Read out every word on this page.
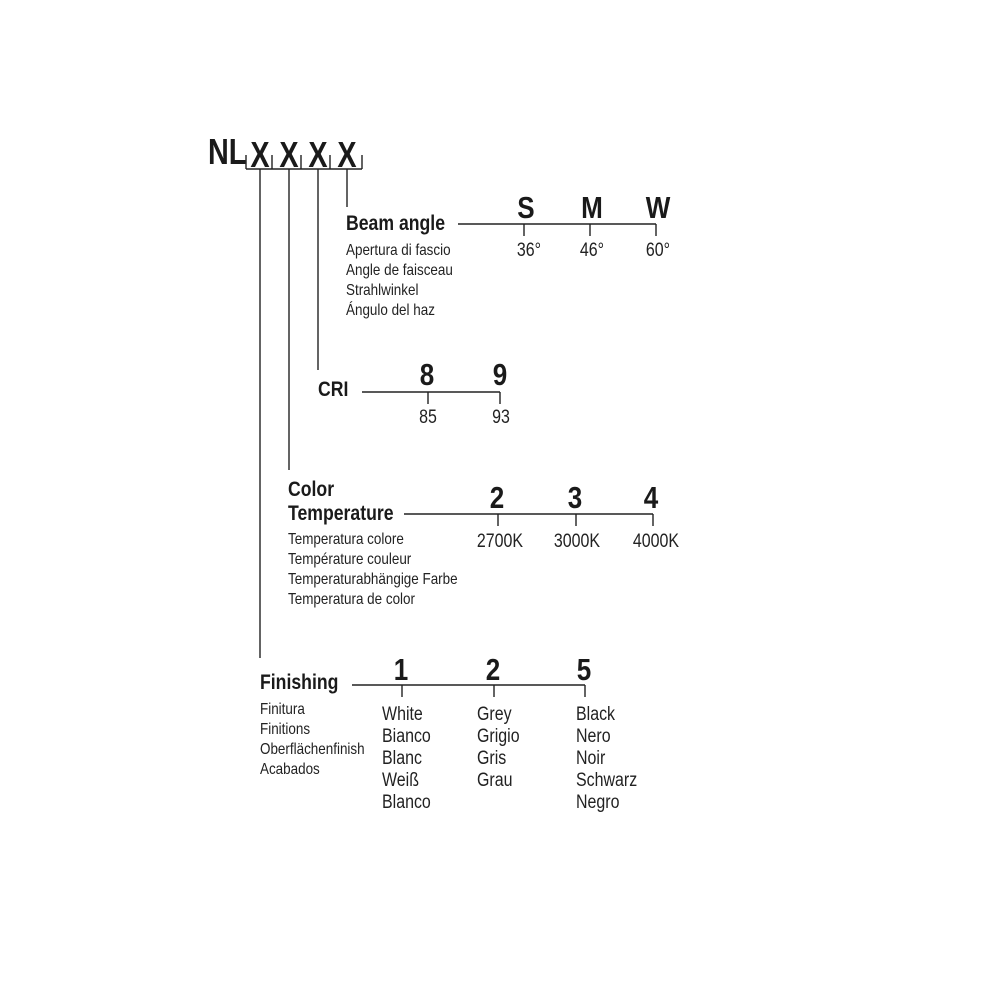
NL X X X X
Beam angle
Apertura di fascio
Angle de faisceau
Strahlwinkel
Ángulo del haz
S M W
36° 46° 60°
CRI 8 9
85	93
Color
Temperature
Temperatura colore
Température couleur
Temperaturabhängige Farbe
Temperatura de color
2 3 4
2700K 3000K 4000K
Finishing
Finitura
Finitions
Oberflächenfinish
Acabados
1	2 5
White
Bianco
Blanc
Weiß
Blanco
Grey
Grigio
Gris
Grau
Black
Nero
Noir
Schwarz
Negro
